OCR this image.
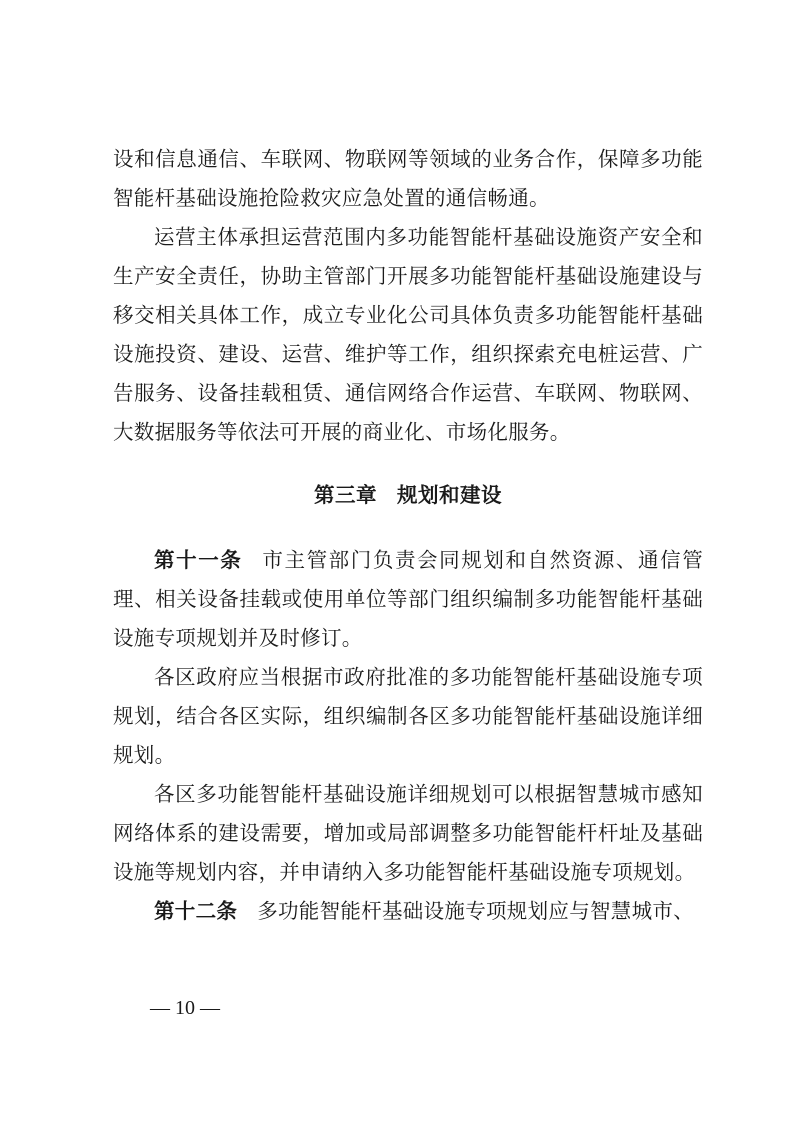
设和信息通信、车联网、物联网等领域的业务合作，保障多功能智能杆基础设施抢险救灾应急处置的通信畅通。

运营主体承担运营范围内多功能智能杆基础设施资产安全和生产安全责任，协助主管部门开展多功能智能杆基础设施建设与移交相关具体工作，成立专业化公司具体负责多功能智能杆基础设施投资、建设、运营、维护等工作，组织探索充电桩运营、广告服务、设备挂载租赁、通信网络合作运营、车联网、物联网、大数据服务等依法可开展的商业化、市场化服务。

第三章 规划和建设

第十一条 市主管部门负责会同规划和自然资源、通信管理、相关设备挂载或使用单位等部门组织编制多功能智能杆基础设施专项规划并及时修订。

各区政府应当根据市政府批准的多功能智能杆基础设施专项规划，结合各区实际，组织编制各区多功能智能杆基础设施详细规划。

各区多功能智能杆基础设施详细规划可以根据智慧城市感知网络体系的建设需要，增加或局部调整多功能智能杆杆址及基础设施等规划内容，并申请纳入多功能智能杆基础设施专项规划。

第十二条 多功能智能杆基础设施专项规划应与智慧城市、

— 10 —
